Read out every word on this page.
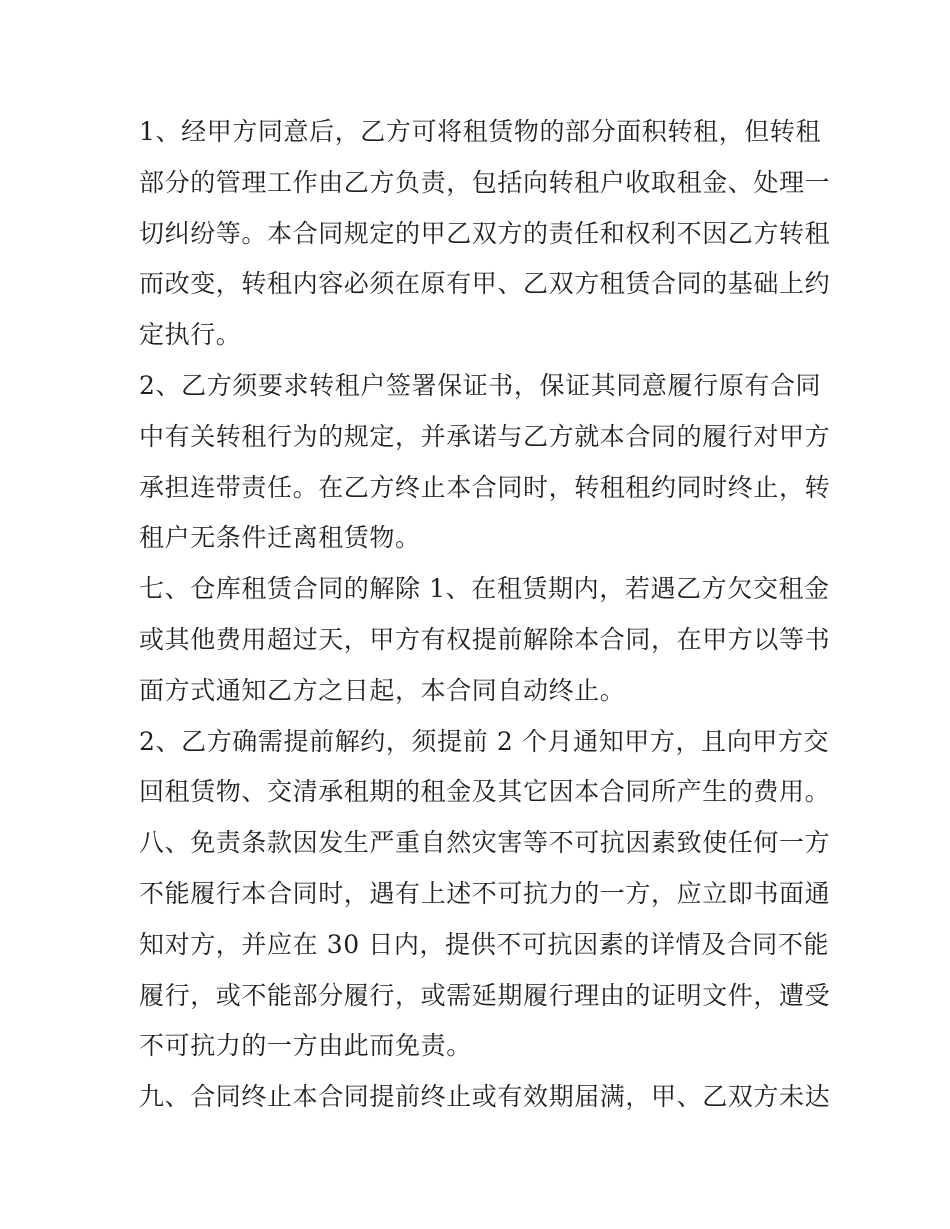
1、经甲方同意后，乙方可将租赁物的部分面积转租，但转租
部分的管理工作由乙方负责，包括向转租户收取租金、处理一
切纠纷等。本合同规定的甲乙双方的责任和权利不因乙方转租
而改变，转租内容必须在原有甲、乙双方租赁合同的基础上约
定执行。
2、乙方须要求转租户签署保证书，保证其同意履行原有合同
中有关转租行为的规定，并承诺与乙方就本合同的履行对甲方
承担连带责任。在乙方终止本合同时，转租租约同时终止，转
租户无条件迁离租赁物。
七、仓库租赁合同的解除 1、在租赁期内，若遇乙方欠交租金
或其他费用超过天，甲方有权提前解除本合同，在甲方以等书
面方式通知乙方之日起，本合同自动终止。
2、乙方确需提前解约，须提前 2 个月通知甲方，且向甲方交
回租赁物、交清承租期的租金及其它因本合同所产生的费用。
八、免责条款因发生严重自然灾害等不可抗因素致使任何一方
不能履行本合同时，遇有上述不可抗力的一方，应立即书面通
知对方，并应在 30 日内，提供不可抗因素的详情及合同不能
履行，或不能部分履行，或需延期履行理由的证明文件，遭受
不可抗力的一方由此而免责。
九、合同终止本合同提前终止或有效期届满，甲、乙双方未达
